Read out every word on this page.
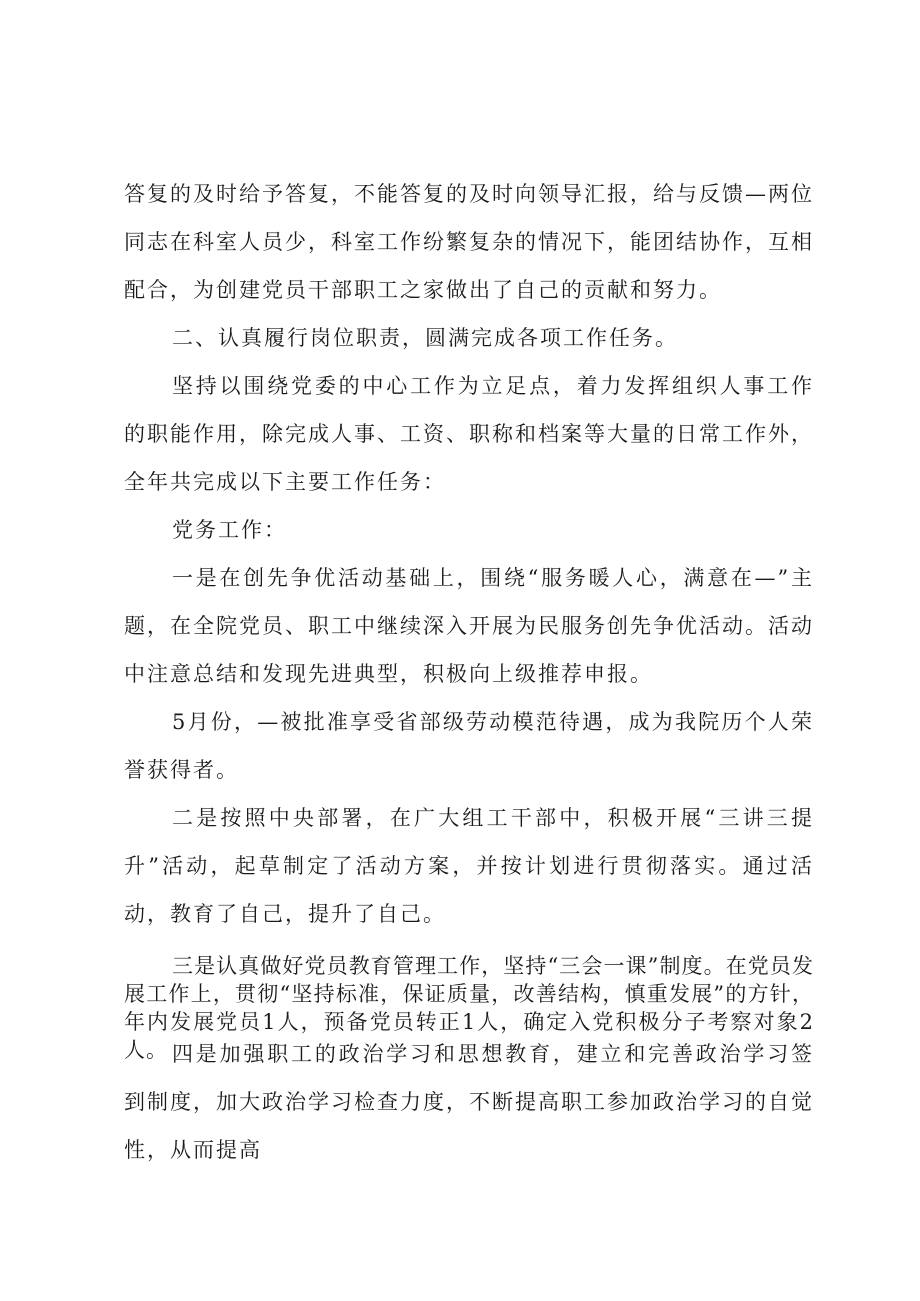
答复的及时给予答复，不能答复的及时向领导汇报，给与反馈—两位同志在科室人员少，科室工作纷繁复杂的情况下，能团结协作，互相配合，为创建党员干部职工之家做出了自己的贡献和努力。

二、认真履行岗位职责，圆满完成各项工作任务。

坚持以围绕党委的中心工作为立足点，着力发挥组织人事工作的职能作用，除完成人事、工资、职称和档案等大量的日常工作外，全年共完成以下主要工作任务：

党务工作：

一是在创先争优活动基础上，围绕“服务暖人心，满意在—”主题，在全院党员、职工中继续深入开展为民服务创先争优活动。活动中注意总结和发现先进典型，积极向上级推荐申报。

5月份，—被批准享受省部级劳动模范待遇，成为我院历个人荣誉获得者。

二是按照中央部署，在广大组工干部中，积极开展“三讲三提升”活动，起草制定了活动方案，并按计划进行贯彻落实。通过活动，教育了自己，提升了自己。

三是认真做好党员教育管理工作，坚持“三会一课”制度。在党员发展工作上，贯彻“坚持标准，保证质量，改善结构，慎重发展”的方针，年内发展党员1人，预备党员转正1人，确定入党积极分子考察对象2人。 四是加强职工的政治学习和思想教育，建立和完善政治学习签到制度，加大政治学习检查力度，不断提高职工参加政治学习的自觉性，从而提高
